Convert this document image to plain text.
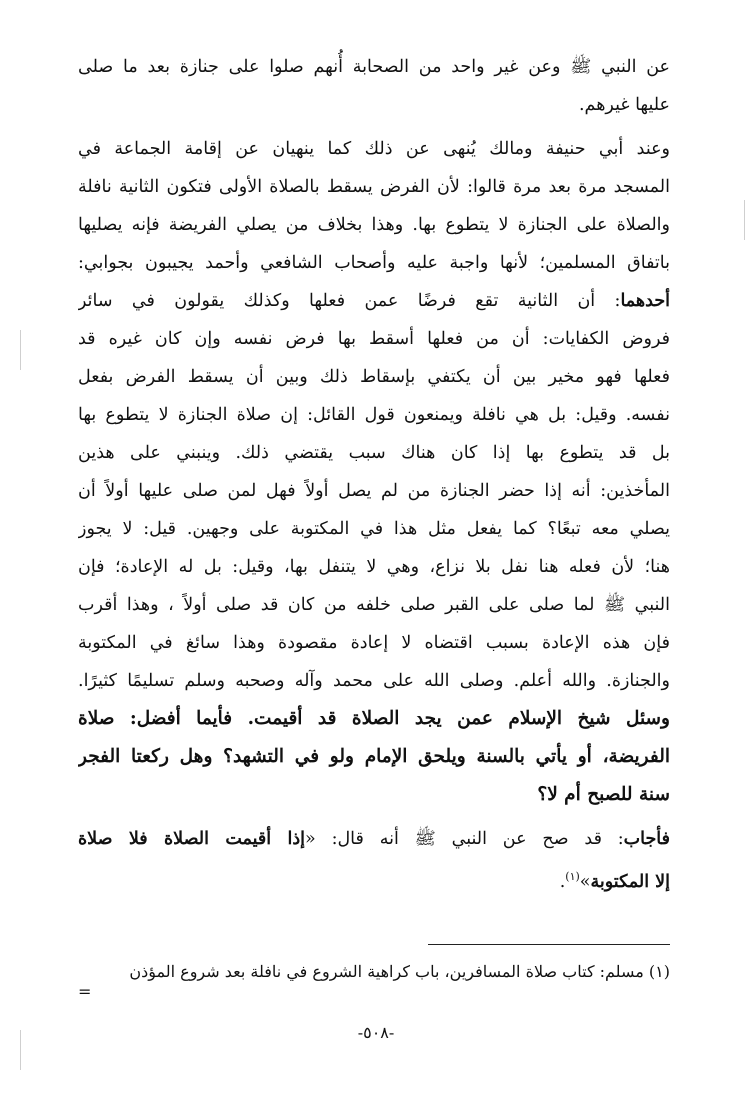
عن النبي ﷺ وعن غير واحد من الصحابة أُنهم صلوا على جنازة بعد ما صلى
عليها غيرهم.
وعند أبي حنيفة ومالك يُنهى عن ذلك كما ينهيان عن إقامة الجماعة في
المسجد مرة بعد مرة قالوا: لأن الفرض يسقط بالصلاة الأولى فتكون الثانية نافلة
والصلاة على الجنازة لا يتطوع بها. وهذا بخلاف من يصلي الفريضة فإنه يصليها
باتفاق المسلمين؛ لأنها واجبة عليه وأصحاب الشافعي وأحمد يجيبون بجوابي:
أحدهما: أن الثانية تقع فرضًا عمن فعلها وكذلك يقولون في سائر
فروض الكفايات: أن من فعلها أسقط بها فرض نفسه وإن كان غيره قد
فعلها فهو مخير بين أن يكتفي بإسقاط ذلك وبين أن يسقط الفرض بفعل
نفسه. وقيل: بل هي نافلة ويمنعون قول القائل: إن صلاة الجنازة لا يتطوع بها
بل قد يتطوع بها إذا كان هناك سبب يقتضي ذلك. وينبني على هذين
المأخذين: أنه إذا حضر الجنازة من لم يصل أولاً فهل لمن صلى عليها أولاً أن
يصلي معه تبعًا؟ كما يفعل مثل هذا في المكتوبة على وجهين. قيل: لا يجوز
هنا؛ لأن فعله هنا نفل بلا نزاع، وهي لا يتنفل بها، وقيل: بل له الإعادة؛ فإن
النبي ﷺ لما صلى على القبر صلى خلفه من كان قد صلى أولاً ، وهذا أقرب
فإن هذه الإعادة بسبب اقتضاه لا إعادة مقصودة وهذا سائغ في المكتوبة
والجنازة. والله أعلم. وصلى الله على محمد وآله وصحبه وسلم تسليمًا كثيرًا.
وسئل شيخ الإسلام عمن يجد الصلاة قد أقيمت. فأيما أفضل: صلاة
الفريضة، أو يأتي بالسنة ويلحق الإمام ولو في التشهد؟ وهل ركعتا الفجر
سنة للصبح أم لا؟
فأجاب: قد صح عن النبي ﷺ أنه قال: «إذا أقيمت الصلاة فلا صلاة
إلا المكتوبة»$^{(١)}$.
(١) مسلم: كتاب صلاة المسافرين، باب كراهية الشروع في نافلة بعد شروع المؤذن
=
-٥٠٨-
